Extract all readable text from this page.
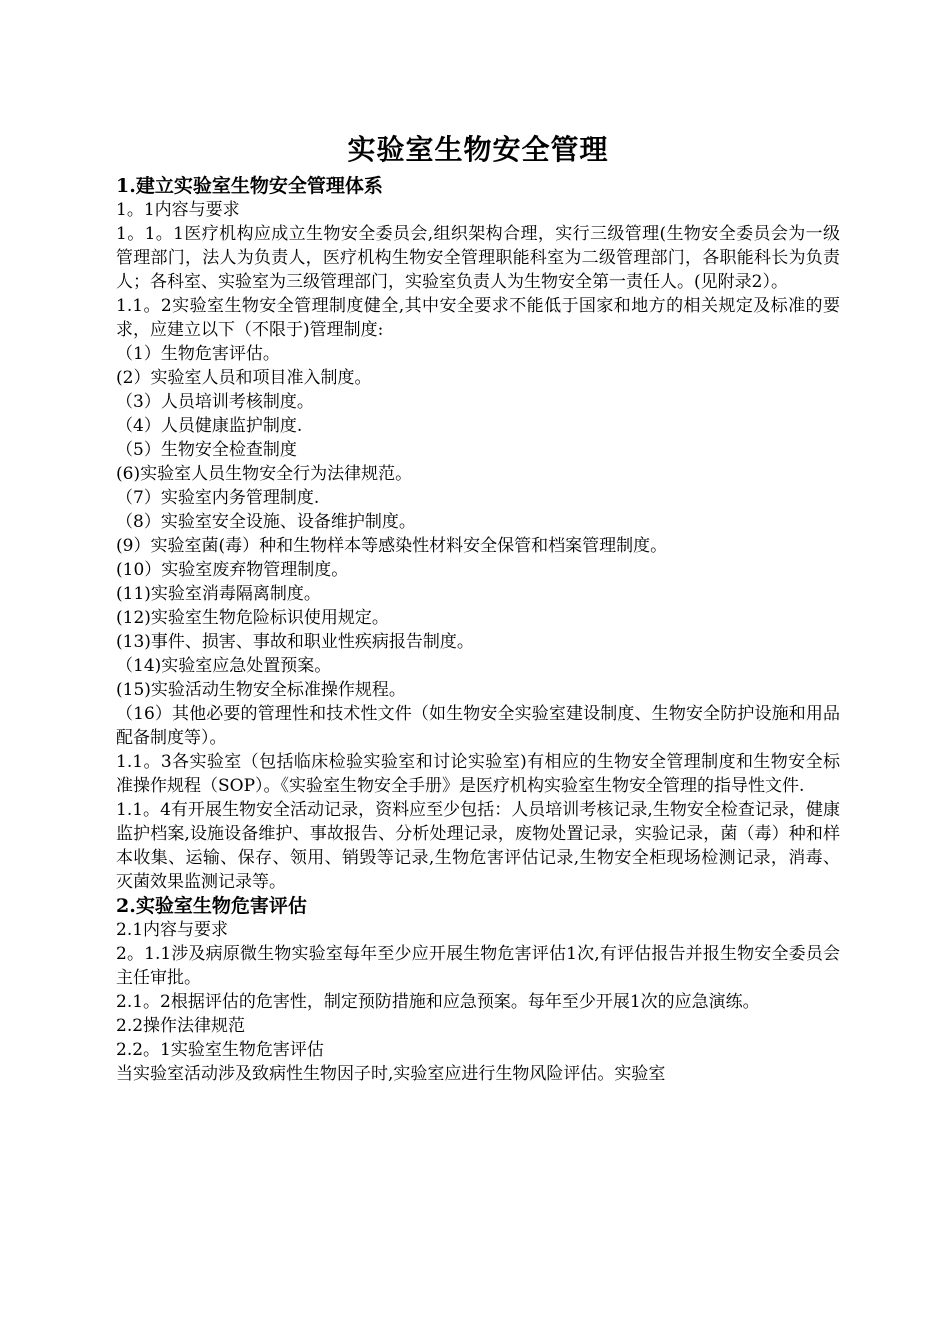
实验室生物安全管理
1.建立实验室生物安全管理体系
1。1内容与要求

1。1。1医疗机构应成立生物安全委员会,组织架构合理，实行三级管理(生物安全委员会为一级管理部门，法人为负责人，医疗机构生物安全管理职能科室为二级管理部门，各职能科长为负责人；各科室、实验室为三级管理部门，实验室负责人为生物安全第一责任人。(见附录2）。

1.1。2实验室生物安全管理制度健全,其中安全要求不能低于国家和地方的相关规定及标准的要求，应建立以下（不限于)管理制度:

（1）生物危害评估。
(2）实验室人员和项目准入制度。
（3）人员培训考核制度。
（4）人员健康监护制度.
（5）生物安全检查制度
(6)实验室人员生物安全行为法律规范。
（7）实验室内务管理制度.
（8）实验室安全设施、设备维护制度。
(9）实验室菌(毒）种和生物样本等感染性材料安全保管和档案管理制度。
(10）实验室废弃物管理制度。
(11)实验室消毒隔离制度。
(12)实验室生物危险标识使用规定。
(13)事件、损害、事故和职业性疾病报告制度。
（14)实验室应急处置预案。
(15)实验活动生物安全标准操作规程。

（16）其他必要的管理性和技术性文件（如生物安全实验室建设制度、生物安全防护设施和用品配备制度等）。

1.1。3各实验室（包括临床检验实验室和讨论实验室)有相应的生物安全管理制度和生物安全标准操作规程（SOP）。《实验室生物安全手册》是医疗机构实验室生物安全管理的指导性文件.

1.1。4有开展生物安全活动记录，资料应至少包括：人员培训考核记录,生物安全检查记录，健康监护档案,设施设备维护、事故报告、分析处理记录，废物处置记录，实验记录，菌（毒）种和样本收集、运输、保存、领用、销毁等记录,生物危害评估记录,生物安全柜现场检测记录，消毒、灭菌效果监测记录等。

2.实验室生物危害评估
2.1内容与要求

2。1.1涉及病原微生物实验室每年至少应开展生物危害评估1次,有评估报告并报生物安全委员会主任审批。

2.1。2根据评估的危害性，制定预防措施和应急预案。每年至少开展1次的应急演练。

2.2操作法律规范
2.2。1实验室生物危害评估
当实验室活动涉及致病性生物因子时,实验室应进行生物风险评估。实验室
